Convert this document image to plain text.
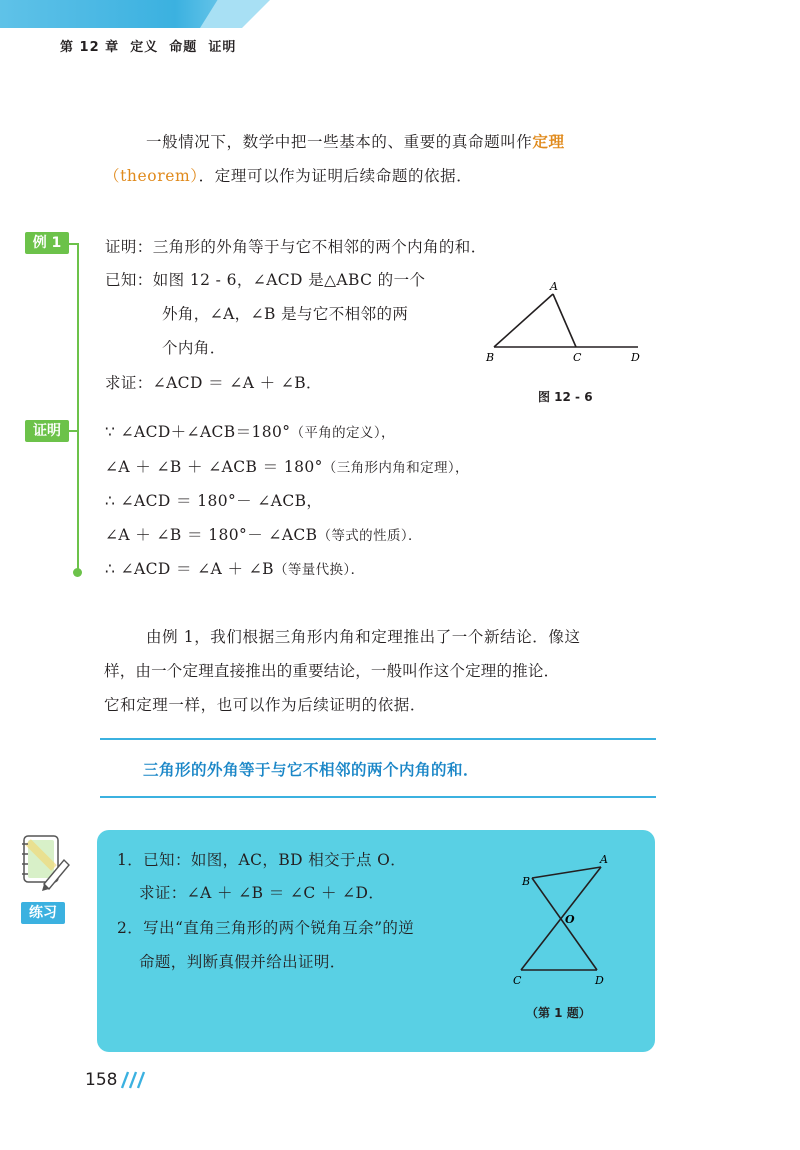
第 12 章 定义 命题 证明
一般情况下，数学中把一些基本的、重要的真命题叫作定理
（theorem）．定理可以作为证明后续命题的依据．
例 1	证明：三角形的外角等于与它不相邻的两个内角的和．
已知：如图 12 - 6，∠ACD 是△ABC 的一个
外角，∠A，∠B 是与它不相邻的两
个内角．
求证：∠ACD ＝ ∠A ＋ ∠B．
A
B	C	D
图 12 - 6
证明	∵ ∠ACD＋∠ACB＝180°（平角的定义），
∠A ＋ ∠B ＋ ∠ACB ＝ 180°（三角形内角和定理），
∴ ∠ACD ＝ 180°－ ∠ACB，
∠A ＋ ∠B ＝ 180°－ ∠ACB（等式的性质）．
∴ ∠ACD ＝ ∠A ＋ ∠B（等量代换）．
由例 1，我们根据三角形内角和定理推出了一个新结论．像这
样，由一个定理直接推出的重要结论，一般叫作这个定理的推论．
它和定理一样，也可以作为后续证明的依据．
三角形的外角等于与它不相邻的两个内角的和．
练习
1．已知：如图，AC，BD 相交于点 O．
求证：∠A ＋ ∠B ＝ ∠C ＋ ∠D．
2．写出“直角三角形的两个锐角互余”的逆
命题，判断真假并给出证明．
A
B
O
C	D
（第 1 题）
158
